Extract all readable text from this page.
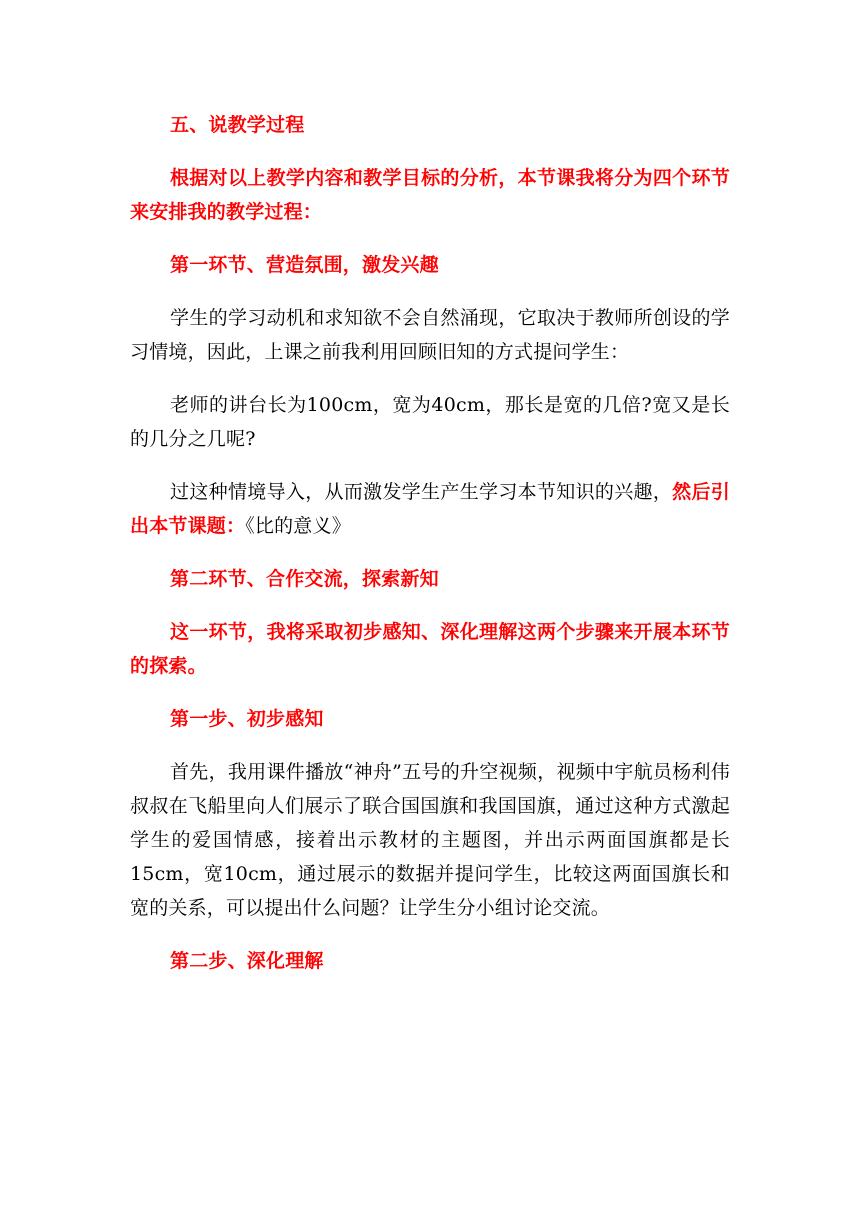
五、说教学过程

根据对以上教学内容和教学目标的分析，本节课我将分为四个环节来安排我的教学过程：

第一环节、营造氛围，激发兴趣

学生的学习动机和求知欲不会自然涌现，它取决于教师所创设的学习情境，因此，上课之前我利用回顾旧知的方式提问学生：

老师的讲台长为100cm，宽为40cm，那长是宽的几倍?宽又是长的几分之几呢?

过这种情境导入，从而激发学生产生学习本节知识的兴趣，然后引出本节课题：《比的意义》

第二环节、合作交流，探索新知

这一环节，我将采取初步感知、深化理解这两个步骤来开展本环节的探索。

第一步、初步感知

首先，我用课件播放“神舟”五号的升空视频，视频中宇航员杨利伟叔叔在飞船里向人们展示了联合国国旗和我国国旗，通过这种方式激起学生的爱国情感，接着出示教材的主题图，并出示两面国旗都是长15cm，宽10cm，通过展示的数据并提问学生，比较这两面国旗长和宽的关系，可以提出什么问题？让学生分小组讨论交流。

第二步、深化理解
